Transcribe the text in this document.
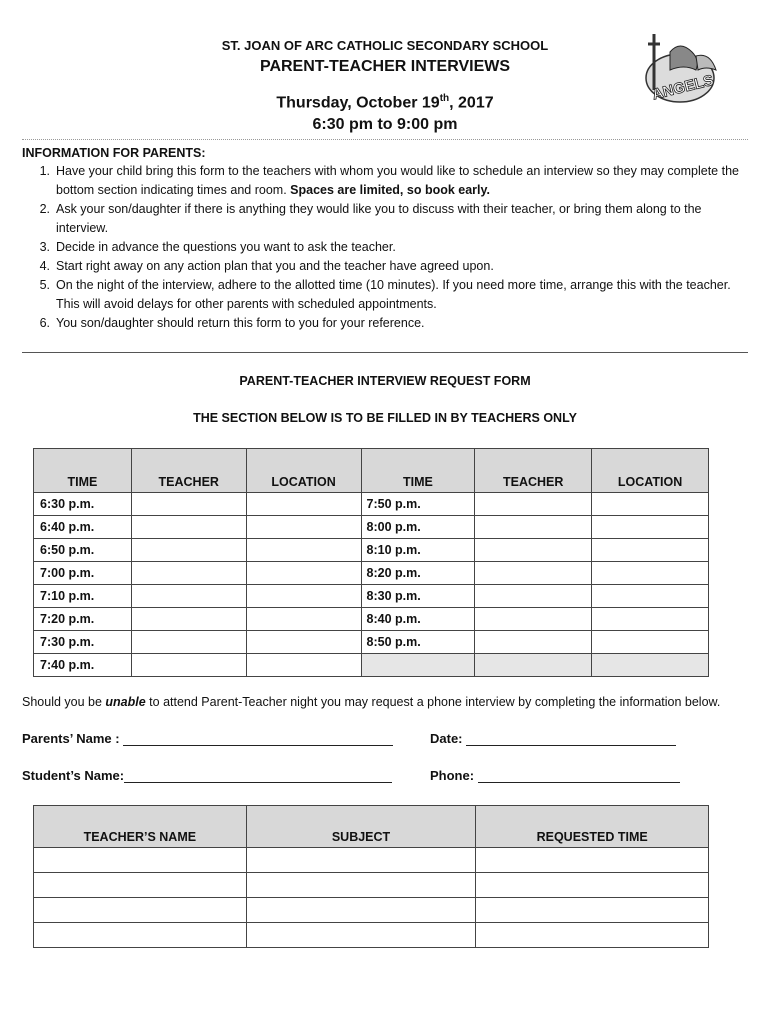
ST. JOAN OF ARC CATHOLIC SECONDARY SCHOOL
PARENT-TEACHER INTERVIEWS
Thursday, October 19th, 2017
6:30 pm to 9:00 pm
ANGELS
INFORMATION FOR PARENTS:
1. Have your child bring this form to the teachers with whom you would like to schedule an interview so they may complete the bottom section indicating times and room. Spaces are limited, so book early.
2. Ask your son/daughter if there is anything they would like you to discuss with their teacher, or bring them along to the interview.
3. Decide in advance the questions you want to ask the teacher.
4. Start right away on any action plan that you and the teacher have agreed upon.
5. On the night of the interview, adhere to the allotted time (10 minutes). If you need more time, arrange this with the teacher. This will avoid delays for other parents with scheduled appointments.
6. You son/daughter should return this form to you for your reference.
PARENT-TEACHER INTERVIEW REQUEST FORM
THE SECTION BELOW IS TO BE FILLED IN BY TEACHERS ONLY
TIME	TEACHER	LOCATION	TIME	TEACHER	LOCATION
6:30 p.m.			7:50 p.m.		
6:40 p.m.			8:00 p.m.		
6:50 p.m.			8:10 p.m.		
7:00 p.m.			8:20 p.m.		
7:10 p.m.			8:30 p.m.		
7:20 p.m.			8:40 p.m.		
7:30 p.m.			8:50 p.m.		
7:40 p.m.					
Should you be unable to attend Parent-Teacher night you may request a phone interview by completing the information below.
Parents’ Name :	Date:
Student’s Name:	Phone:
TEACHER’S NAME	SUBJECT	REQUESTED TIME
